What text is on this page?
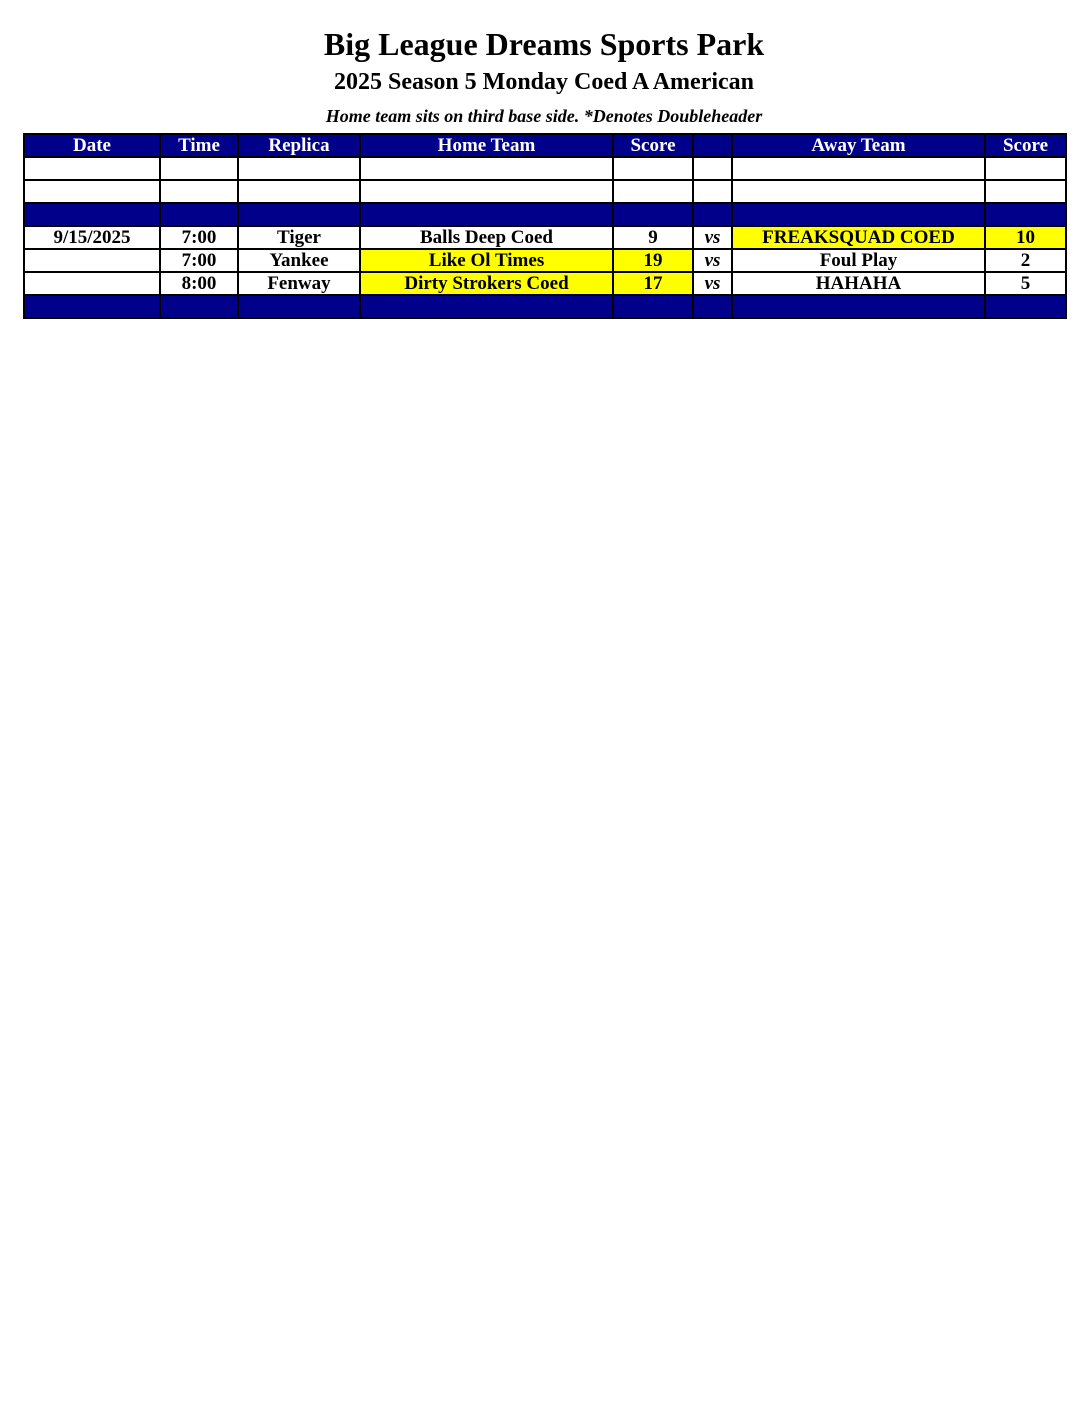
Big League Dreams Sports Park
2025 Season 5 Monday Coed A American
Home team sits on third base side. *Denotes Doubleheader
Date	Time	Replica	Home Team	Score		Away Team	Score

9/15/2025	7:00	Tiger	Balls Deep Coed	9	vs	FREAKSQUAD COED	10
	7:00	Yankee	Like Ol Times	19	vs	Foul Play	2
	8:00	Fenway	Dirty Strokers Coed	17	vs	HAHAHA	5
